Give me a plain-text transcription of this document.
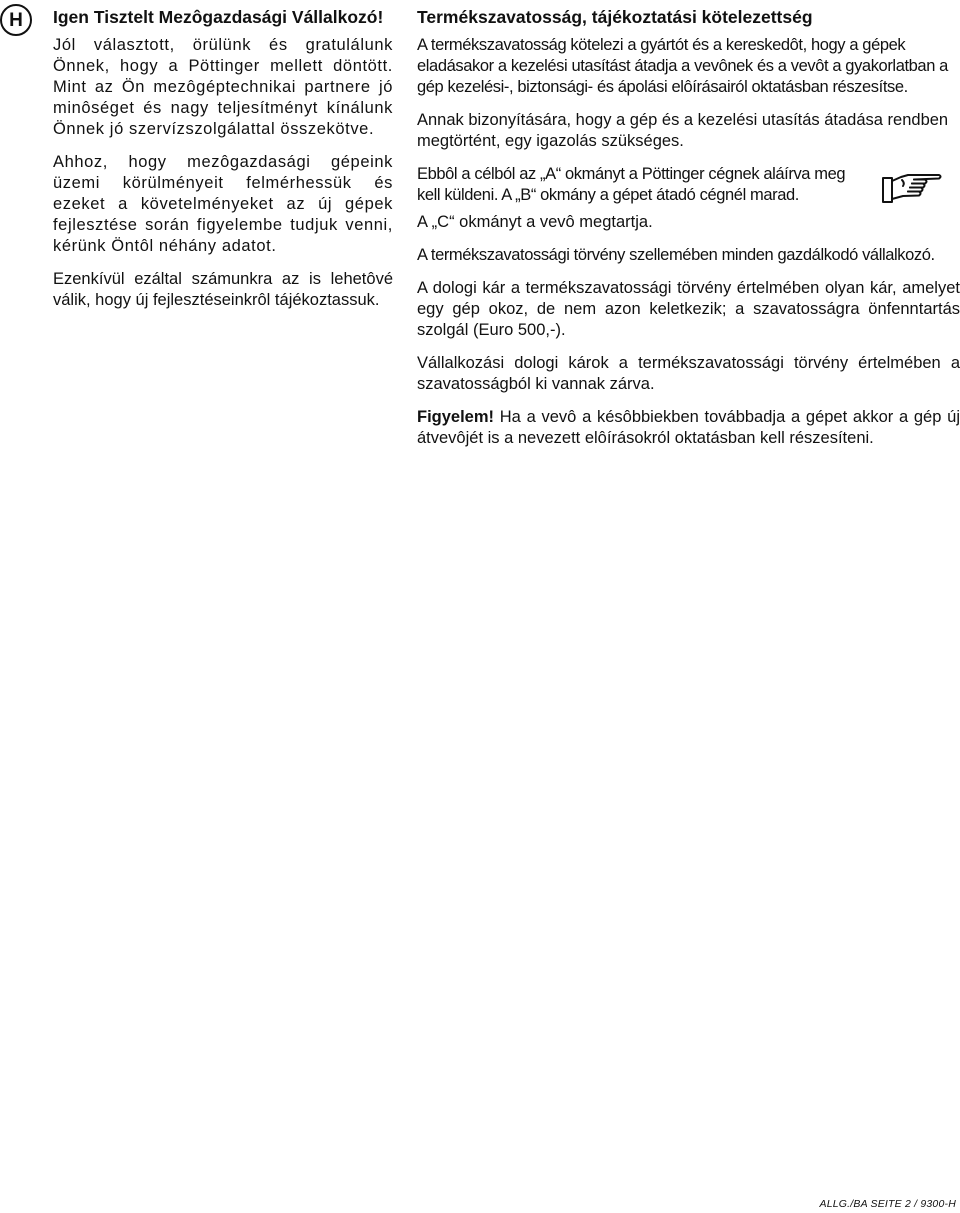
H	Igen Tisztelt Mezôgazdasági Vállalkozó!

Jól választott, örülünk és gratulálunk Önnek, hogy a Pöttinger mellett döntött. Mint az Ön mezôgéptechnikai partnere jó minôséget és nagy teljesítményt kínálunk Önnek jó szervízszolgálattal összekötve.

Ahhoz, hogy mezôgazdasági gépeink üzemi körülményeit felmérhessük és ezeket a követelményeket az új gépek fejlesztése során figyelembe tudjuk venni, kérünk Öntôl néhány adatot.

Ezenkívül ezáltal számunkra az is lehetôvé válik, hogy új fejlesztéseinkrôl tájékoztassuk.

Termékszavatosság, tájékoztatási kötelezettség

A termékszavatosság kötelezi a gyártót és a kereskedôt, hogy a gépek eladásakor a kezelési utasítást átadja a vevônek és a vevôt a gyakorlatban a gép kezelési-, biztonsági- és ápolási elôírásairól oktatásban részesítse.

Annak bizonyítására, hogy a gép és a kezelési utasítás átadása rendben megtörtént, egy igazolás szükséges.

Ebbôl a célból az „A“ okmányt a Pöttinger cégnek aláírva meg kell küldeni. A „B“ okmány a gépet átadó cégnél marad.

A „C“ okmányt a vevô megtartja.

A termékszavatossági törvény szellemében minden gazdálkodó vállalkozó.

A dologi kár a termékszavatossági törvény értelmében olyan kár, amelyet egy gép okoz, de nem azon keletkezik; a szavatosságra önfenntartás szolgál (Euro 500,-).

Vállalkozási dologi károk a termékszavatossági törvény értelmében a szavatosságból ki vannak zárva.

Figyelem! Ha a vevô a késôbbiekben továbbadja a gépet akkor a gép új átvevôjét is a nevezett elôírásokról oktatásban kell részesíteni.

ALLG./BA SEITE 2 / 9300-H
